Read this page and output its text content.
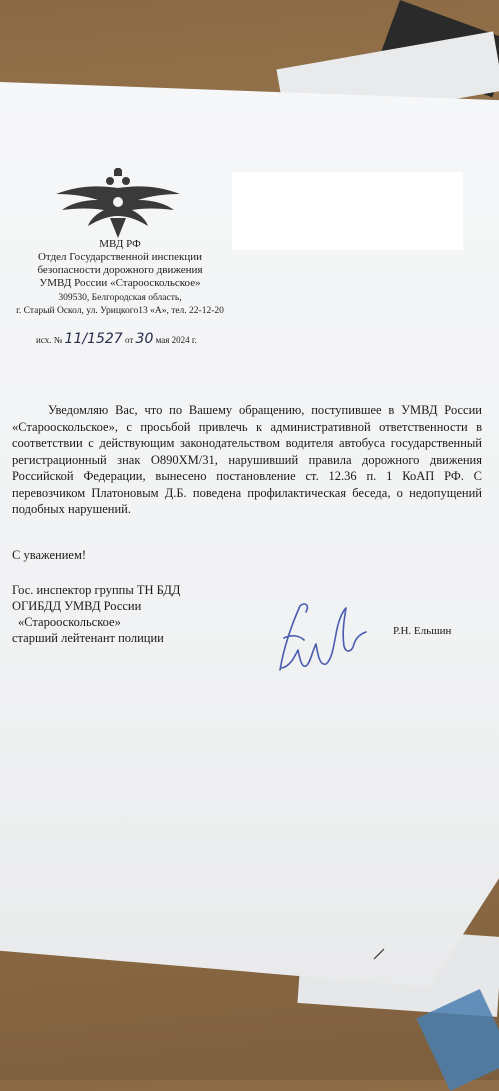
МВД РФ
Отдел Государственной инспекции
безопасности дорожного движения
УМВД России «Старооскольское»
309530, Белгородская область,
г. Старый Оскол, ул. Урицкого13 «А», тел. 22-12-20
исх. № 11/1527 от 30 мая 2024 г.

Уведомляю Вас, что по Вашему обращению, поступившее в УМВД России «Старооскольское», с просьбой привлечь к административной ответственности в соответствии с действующим законодательством водителя автобуса государственный регистрационный знак О890ХМ/31, нарушивший правила дорожного движения Российской Федерации, вынесено постановление ст. 12.36 п. 1 КоАП РФ. С перевозчиком Платоновым Д.Б. поведена профилактическая беседа, о недопущений подобных нарушений.

С уважением!
Гос. инспектор группы ТН БДД
ОГИБДД УМВД России
«Старооскольское»
старший лейтенант полиции	Р.Н. Ельшин
